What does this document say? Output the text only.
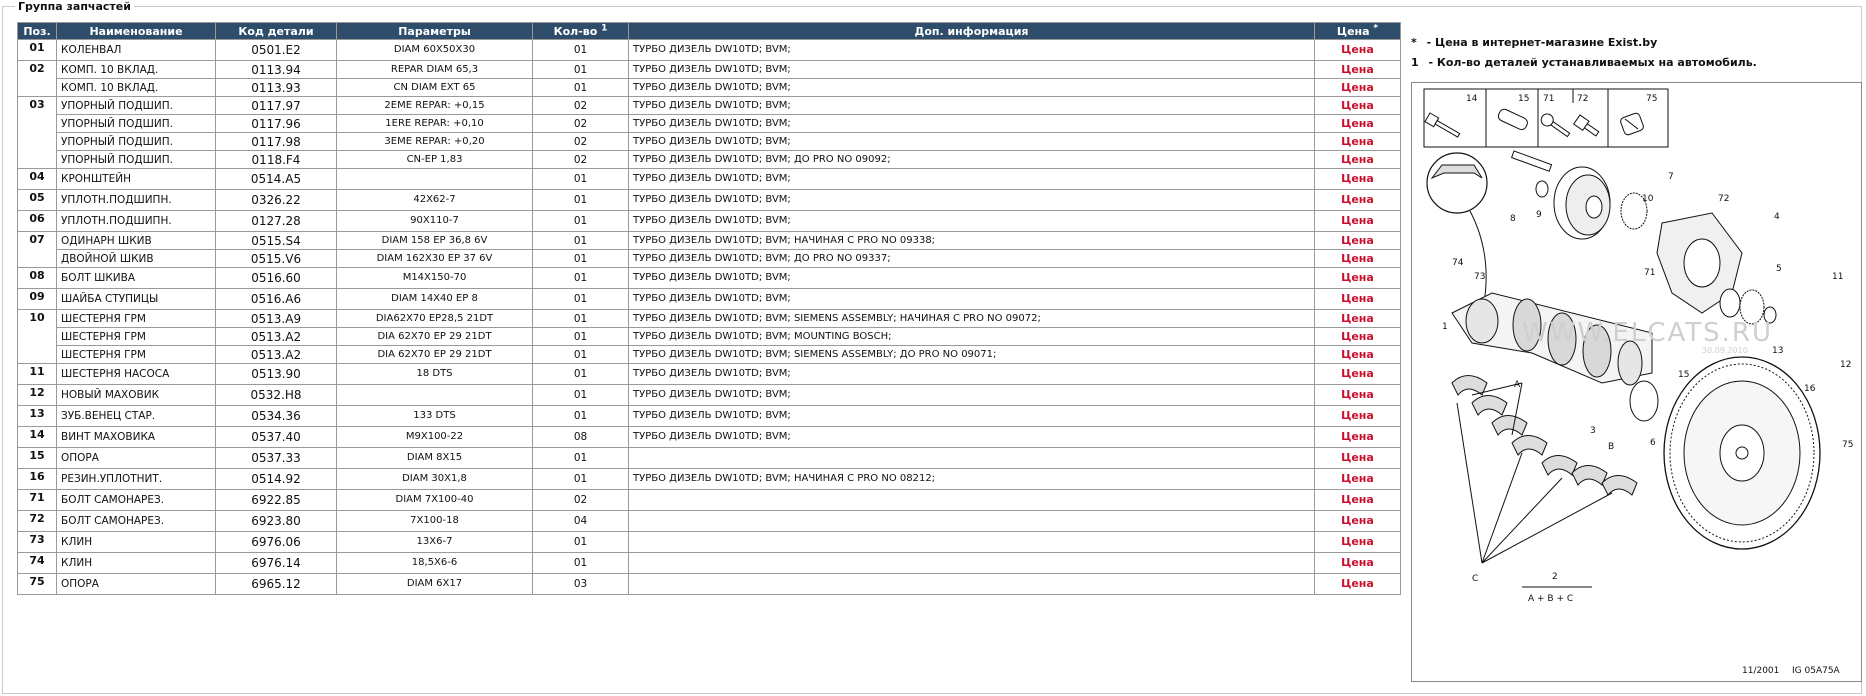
Группа запчастей
Поз.	Наименование	Код детали	Параметры	Кол-во $^1$	Доп. информация	Цена *
01	КОЛЕНВАЛ	0501.E2	DIAM 60X50X30	01	ТУРБО ДИЗЕЛЬ DW10TD; BVM;	Цена
02	КОМП. 10 ВКЛАД.	0113.94	REPAR DIAM 65,3	01	ТУРБО ДИЗЕЛЬ DW10TD; BVM;	Цена
	КОМП. 10 ВКЛАД.	0113.93	CN DIAM EXT 65	01	ТУРБО ДИЗЕЛЬ DW10TD; BVM;	Цена
03	УПОРНЫЙ ПОДШИП.	0117.97	2EME REPAR: +0,15	02	ТУРБО ДИЗЕЛЬ DW10TD; BVM;	Цена
	УПОРНЫЙ ПОДШИП.	0117.96	1ERE REPAR: +0,10	02	ТУРБО ДИЗЕЛЬ DW10TD; BVM;	Цена
	УПОРНЫЙ ПОДШИП.	0117.98	3EME REPAR: +0,20	02	ТУРБО ДИЗЕЛЬ DW10TD; BVM;	Цена
	УПОРНЫЙ ПОДШИП.	0118.F4	CN-EP 1,83	02	ТУРБО ДИЗЕЛЬ DW10TD; BVM; ДО PRO NO 09092;	Цена
04	КРОНШТЕЙН	0514.A5		01	ТУРБО ДИЗЕЛЬ DW10TD; BVM;	Цена
05	УПЛОТН.ПОДШИПН.	0326.22	42X62-7	01	ТУРБО ДИЗЕЛЬ DW10TD; BVM;	Цена
06	УПЛОТН.ПОДШИПН.	0127.28	90X110-7	01	ТУРБО ДИЗЕЛЬ DW10TD; BVM;	Цена
07	ОДИНАРН ШКИВ	0515.S4	DIAM 158 EP 36,8 6V	01	ТУРБО ДИЗЕЛЬ DW10TD; BVM; НАЧИНАЯ С PRO NO 09338;	Цена
	ДВОЙНОЙ ШКИВ	0515.V6	DIAM 162X30 EP 37 6V	01	ТУРБО ДИЗЕЛЬ DW10TD; BVM; ДО PRO NO 09337;	Цена
08	БОЛТ ШКИВА	0516.60	M14X150-70	01	ТУРБО ДИЗЕЛЬ DW10TD; BVM;	Цена
09	ШАЙБА СТУПИЦЫ	0516.A6	DIAM 14X40 EP 8	01	ТУРБО ДИЗЕЛЬ DW10TD; BVM;	Цена
10	ШЕСТЕРНЯ ГРМ	0513.A9	DIA62X70 EP28,5 21DT	01	ТУРБО ДИЗЕЛЬ DW10TD; BVM; SIEMENS ASSEMBLY; НАЧИНАЯ С PRO NO 09072;	Цена
	ШЕСТЕРНЯ ГРМ	0513.A2	DIA 62X70 EP 29 21DT	01	ТУРБО ДИЗЕЛЬ DW10TD; BVM; MOUNTING BOSCH;	Цена
	ШЕСТЕРНЯ ГРМ	0513.A2	DIA 62X70 EP 29 21DT	01	ТУРБО ДИЗЕЛЬ DW10TD; BVM; SIEMENS ASSEMBLY; ДО PRO NO 09071;	Цена
11	ШЕСТЕРНЯ НАСОСА	0513.90	18 DTS	01	ТУРБО ДИЗЕЛЬ DW10TD; BVM;	Цена
12	НОВЫЙ МАХОВИК	0532.H8		01	ТУРБО ДИЗЕЛЬ DW10TD; BVM;	Цена
13	ЗУБ.ВЕНЕЦ СТАР.	0534.36	133 DTS	01	ТУРБО ДИЗЕЛЬ DW10TD; BVM;	Цена
14	ВИНТ МАХОВИКА	0537.40	M9X100-22	08	ТУРБО ДИЗЕЛЬ DW10TD; BVM;	Цена
15	ОПОРА	0537.33	DIAM 8X15	01		Цена
16	РЕЗИН.УПЛОТНИТ.	0514.92	DIAM 30X1,8	01	ТУРБО ДИЗЕЛЬ DW10TD; BVM; НАЧИНАЯ С PRO NO 08212;	Цена
71	БОЛТ САМОНАРЕЗ.	6922.85	DIAM 7X100-40	02		Цена
72	БОЛТ САМОНАРЕЗ.	6923.80	7X100-18	04		Цена
73	КЛИН	6976.06	13X6-7	01		Цена
74	КЛИН	6976.14	18,5X6-6	01		Цена
75	ОПОРА	6965.12	DIAM 6X17	03		Цена
* - Цена в интернет-магазине Exist.by
1 - Кол-во деталей устанавливаемых на автомобиль.
14	15 71	72	75
WWW.ELCATS.RU
30.09.2010
7
8 9
10	72
4
74
73	71	5
11
1
15
13
12
A
3
B	6
16
C
75
2
A + B + C
11/2001 IG 05A75A
